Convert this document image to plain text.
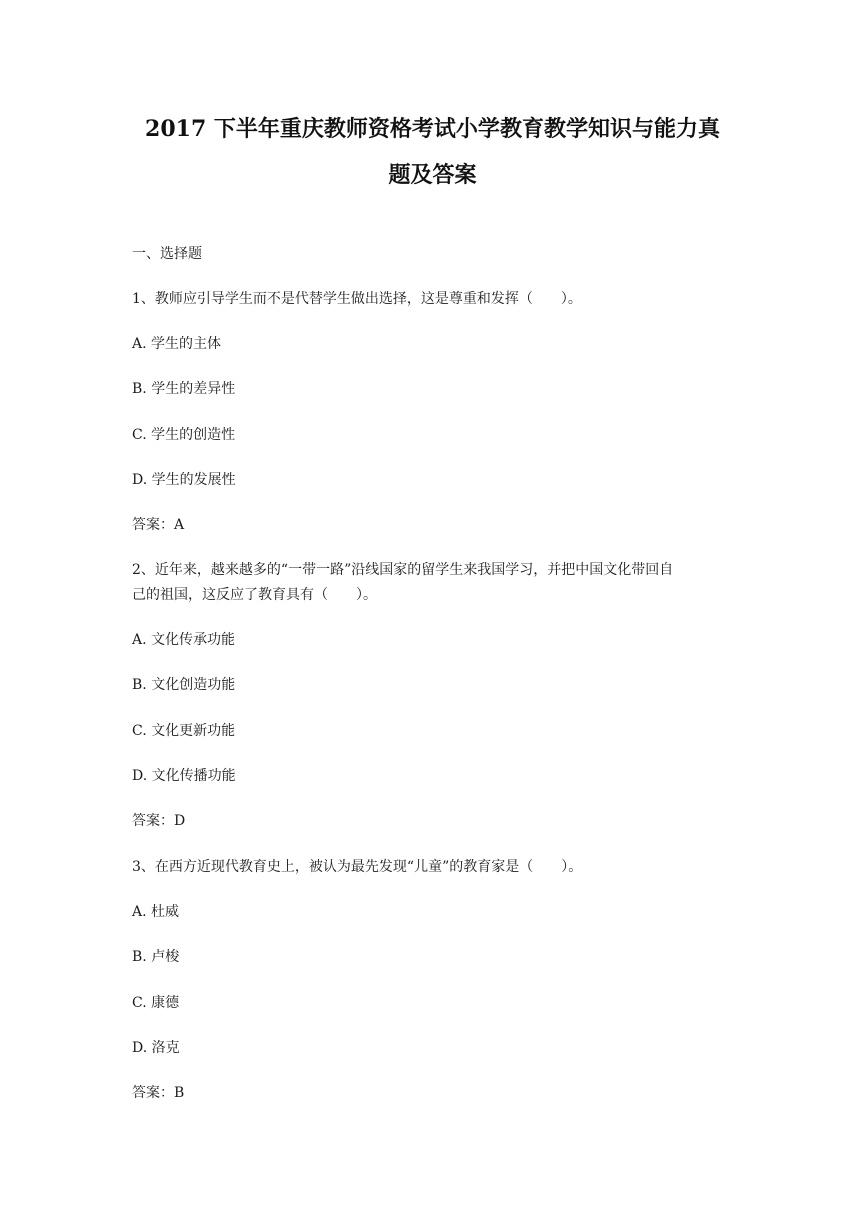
2017 下半年重庆教师资格考试小学教育教学知识与能力真
题及答案
一、选择题
1、教师应引导学生而不是代替学生做出选择，这是尊重和发挥（　　）。
A. 学生的主体
B. 学生的差异性
C. 学生的创造性
D. 学生的发展性
答案：A
2、近年来，越来越多的“一带一路”沿线国家的留学生来我国学习，并把中国文化带回自
己的祖国，这反应了教育具有（　　）。
A. 文化传承功能
B. 文化创造功能
C. 文化更新功能
D. 文化传播功能
答案：D
3、在西方近现代教育史上，被认为最先发现“儿童”的教育家是（　　）。
A. 杜威
B. 卢梭
C. 康德
D. 洛克
答案：B
